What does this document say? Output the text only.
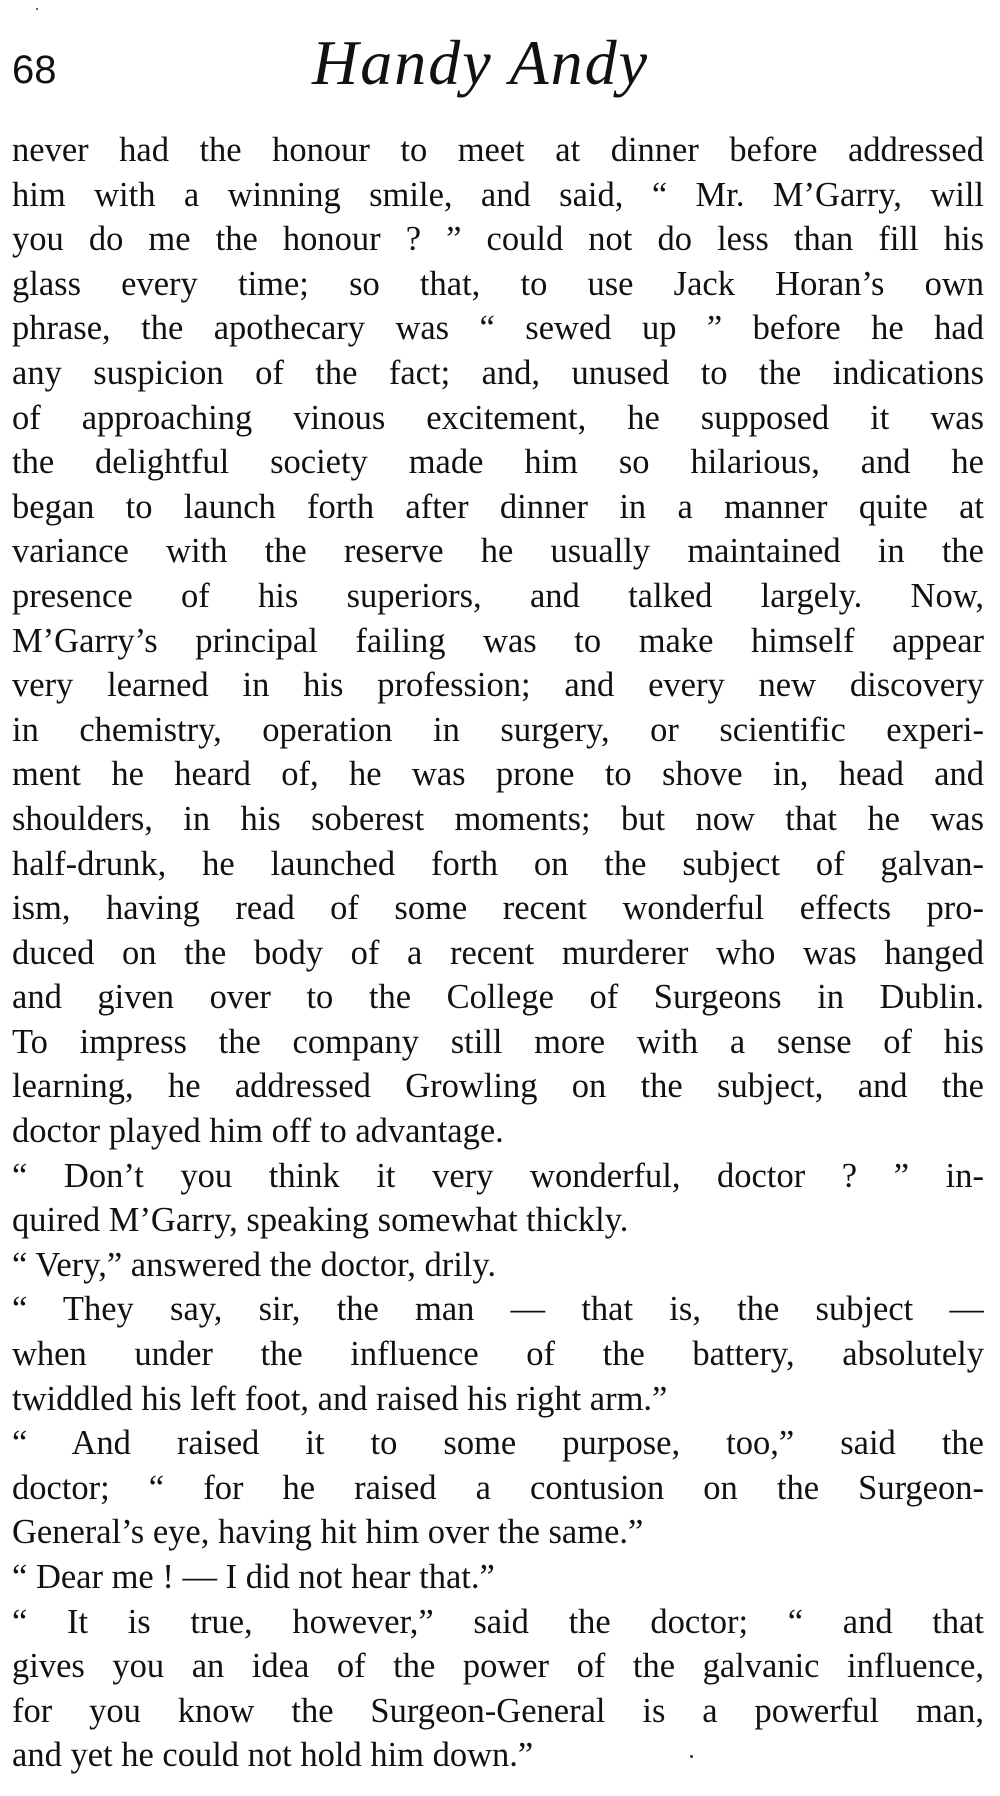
68	Handy Andy
never had the honour to meet at dinner before addressed
him with a winning smile, and said, “ Mr. M’Garry, will
you do me the honour ? ” could not do less than fill his
glass every time; so that, to use Jack Horan’s own
phrase, the apothecary was “ sewed up ” before he had
any suspicion of the fact; and, unused to the indications
of approaching vinous excitement, he supposed it was
the delightful society made him so hilarious, and he
began to launch forth after dinner in a manner quite at
variance with the reserve he usually maintained in the
presence of his superiors, and talked largely. Now,
M’Garry’s principal failing was to make himself appear
very learned in his profession; and every new discovery
in chemistry, operation in surgery, or scientific experi-
ment he heard of, he was prone to shove in, head and
shoulders, in his soberest moments; but now that he was
half-drunk, he launched forth on the subject of galvan-
ism, having read of some recent wonderful effects pro-
duced on the body of a recent murderer who was hanged
and given over to the College of Surgeons in Dublin.
To impress the company still more with a sense of his
learning, he addressed Growling on the subject, and the
doctor played him off to advantage.
“ Don’t you think it very wonderful, doctor ? ” in-
quired M’Garry, speaking somewhat thickly.
“ Very,” answered the doctor, drily.
“ They say, sir, the man — that is, the subject —
when under the influence of the battery, absolutely
twiddled his left foot, and raised his right arm.”
“ And raised it to some purpose, too,” said the
doctor; “ for he raised a contusion on the Surgeon-
General’s eye, having hit him over the same.”
“ Dear me ! — I did not hear that.”
“ It is true, however,” said the doctor; “ and that
gives you an idea of the power of the galvanic influence,
for you know the Surgeon-General is a powerful man,
and yet he could not hold him down.”
